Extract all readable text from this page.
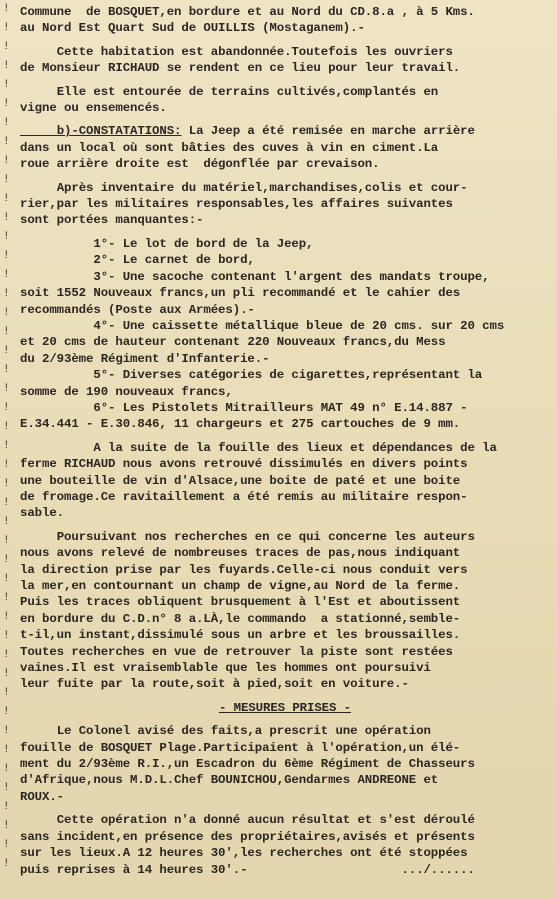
!
!
!
!
!
!
!
!
!
!
!
!
!
!
!
!
!
!
!
!
!
!
!
!
!
!
!
!
!
!
!
!
!
!
!
!
!
!
!
!
!
!
!
!
!
!

Commune  de BOSQUET,en bordure et au Nord du CD.8.a , à 5 Kms.
au Nord Est Quart Sud de OUILLIS (Mostaganem).-

Cette habitation est abandonnée.Toutefois les ouvriers
de Monsieur RICHAUD se rendent en ce lieu pour leur travail.

Elle est entourée de terrains cultivés,complantés en
vigne ou ensemencés.

b)-CONSTATATIONS: La Jeep a été remisée en marche arrière
dans un local où sont bâties des cuves à vin en ciment.La
roue arrière droite est  dégonflée par crevaison.

Après inventaire du matériel,marchandises,colis et cour-
rier,par les militaires responsables,les affaires suivantes
sont portées manquantes:-

1°- Le lot de bord de la Jeep,
2°- Le carnet de bord,
3°- Une sacoche contenant l'argent des mandats troupe,
soit 1552 Nouveaux francs,un pli recommandé et le cahier des
recommandés (Poste aux Armées).-
4°- Une caissette métallique bleue de 20 cms. sur 20 cms
et 20 cms de hauteur contenant 220 Nouveaux francs,du Mess
du 2/93ème Régiment d'Infanterie.-
5°- Diverses catégories de cigarettes,représentant la
somme de 190 nouveaux francs,
6°- Les Pistolets Mitrailleurs MAT 49 n° E.14.887 -
E.34.441 - E.30.846, 11 chargeurs et 275 cartouches de 9 mm.

A la suite de la fouille des lieux et dépendances de la
ferme RICHAUD nous avons retrouvé dissimulés en divers points
une bouteille de vin d'Alsace,une boite de paté et une boite
de fromage.Ce ravitaillement a été remis au militaire respon-
sable.

Poursuivant nos recherches en ce qui concerne les auteurs
nous avons relevé de nombreuses traces de pas,nous indiquant
la direction prise par les fuyards.Celle-ci nous conduit vers
la mer,en contournant un champ de vigne,au Nord de la ferme.
Puis les traces obliquent brusquement à l'Est et aboutissent
en bordure du C.D.n° 8 a.LÀ,le commando  a stationné,semble-
t-il,un instant,dissimulé sous un arbre et les broussailles.
Toutes recherches en vue de retrouver la piste sont restées
vaines.Il est vraisemblable que les hommes ont poursuivi
leur fuite par la route,soit à pied,soit en voiture.-

- MESURES PRISES -

Le Colonel avisé des faits,a prescrit une opération
fouille de BOSQUET Plage.Participaient à l'opération,un élé-
ment du 2/93ème R.I.,un Escadron du 6ème Régiment de Chasseurs
d'Afrique,nous M.D.L.Chef BOUNICHOU,Gendarmes ANDREONE et
ROUX.-

Cette opération n'a donné aucun résultat et s'est déroulé
sans incident,en présence des propriétaires,avisés et présents
sur les lieux.A 12 heures 30',les recherches ont été stoppées
puis reprises à 14 heures 30'.-                     .../......
